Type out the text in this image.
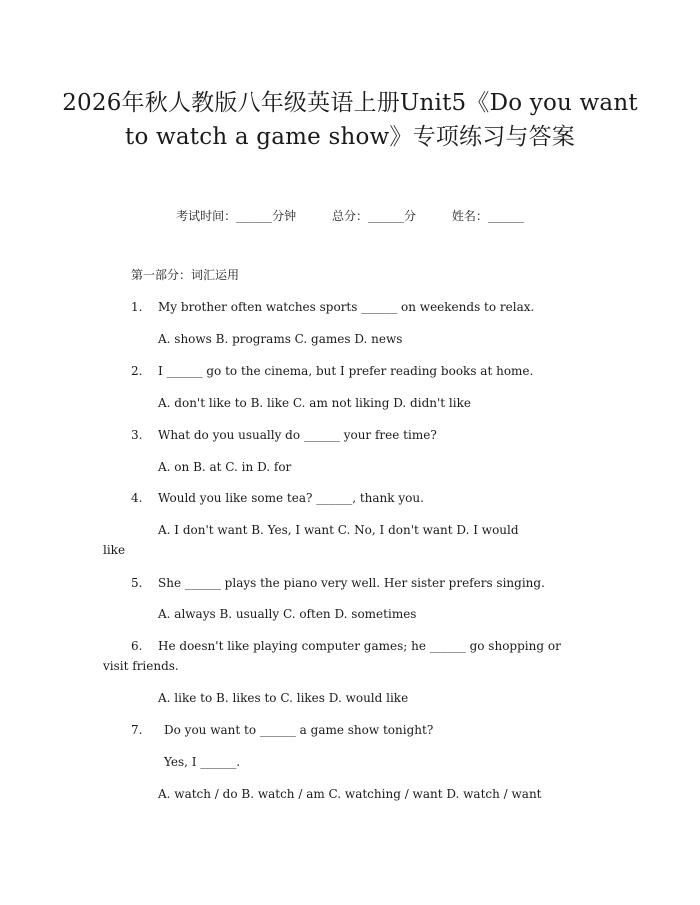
2026年秋人教版八年级英语上册Unit5《Do you want to watch a game show》专项练习与答案
考试时间：______分钟	总分：______分	姓名：______
第一部分：词汇运用
1. My brother often watches sports ______ on weekends to relax.
A. shows B. programs C. games D. news
2. I ______ go to the cinema, but I prefer reading books at home.
A. don't like to B. like C. am not liking D. didn't like
3. What do you usually do ______ your free time?
A. on B. at C. in D. for
4. Would you like some tea? ______, thank you.
A. I don't want B. Yes, I want C. No, I don't want D. I would
like
5. She ______ plays the piano very well. Her sister prefers singing.
A. always B. usually C. often D. sometimes
6. He doesn't like playing computer games; he ______ go shopping or
visit friends.
A. like to B. likes to C. likes D. would like
7. Do you want to ______ a game show tonight?
Yes, I ______.
A. watch / do B. watch / am C. watching / want D. watch / want
